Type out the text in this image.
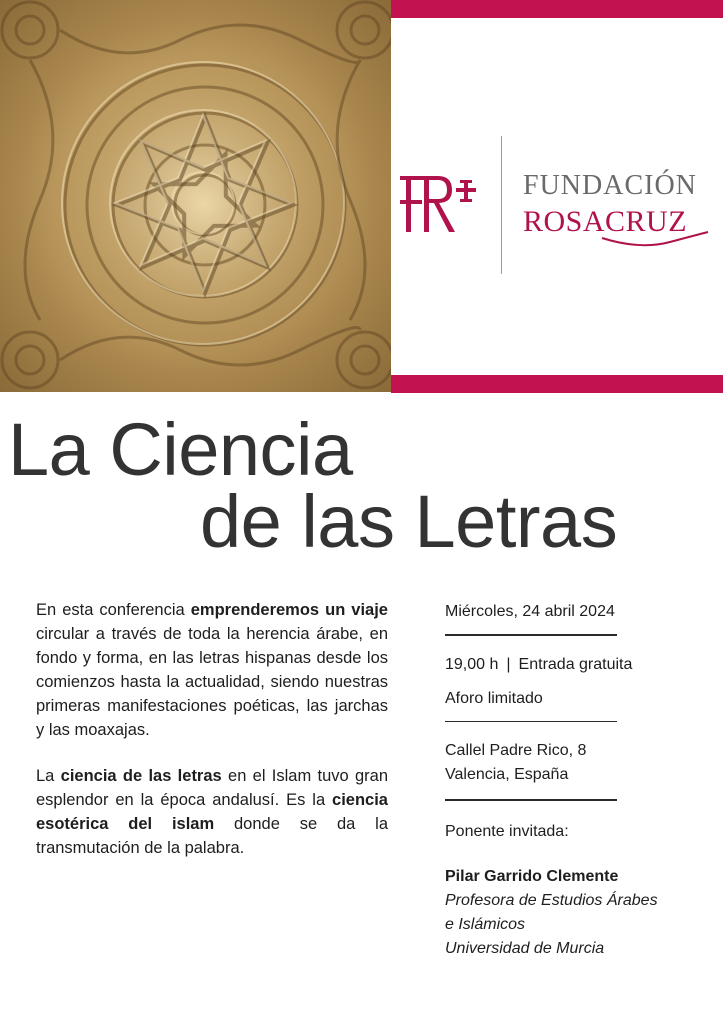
FUNDACIÓN
ROSACRUZ
La Ciencia
de las Letras

En esta conferencia emprenderemos un viaje circular a través de toda la herencia árabe, en fondo y forma, en las letras hispanas desde los comienzos hasta la actualidad, siendo nuestras primeras manifestaciones poéticas, las jarchas y las moaxajas.

La ciencia de las letras en el Islam tuvo gran esplendor en la época andalusí. Es la ciencia esotérica del islam donde se da la transmutación de la palabra.

Miércoles, 24 abril 2024
19,00 h | Entrada gratuita
Aforo limitado
Callel Padre Rico, 8
Valencia, España
Ponente invitada:
Pilar Garrido Clemente
Profesora de Estudios Árabes
e Islámicos
Universidad de Murcia
